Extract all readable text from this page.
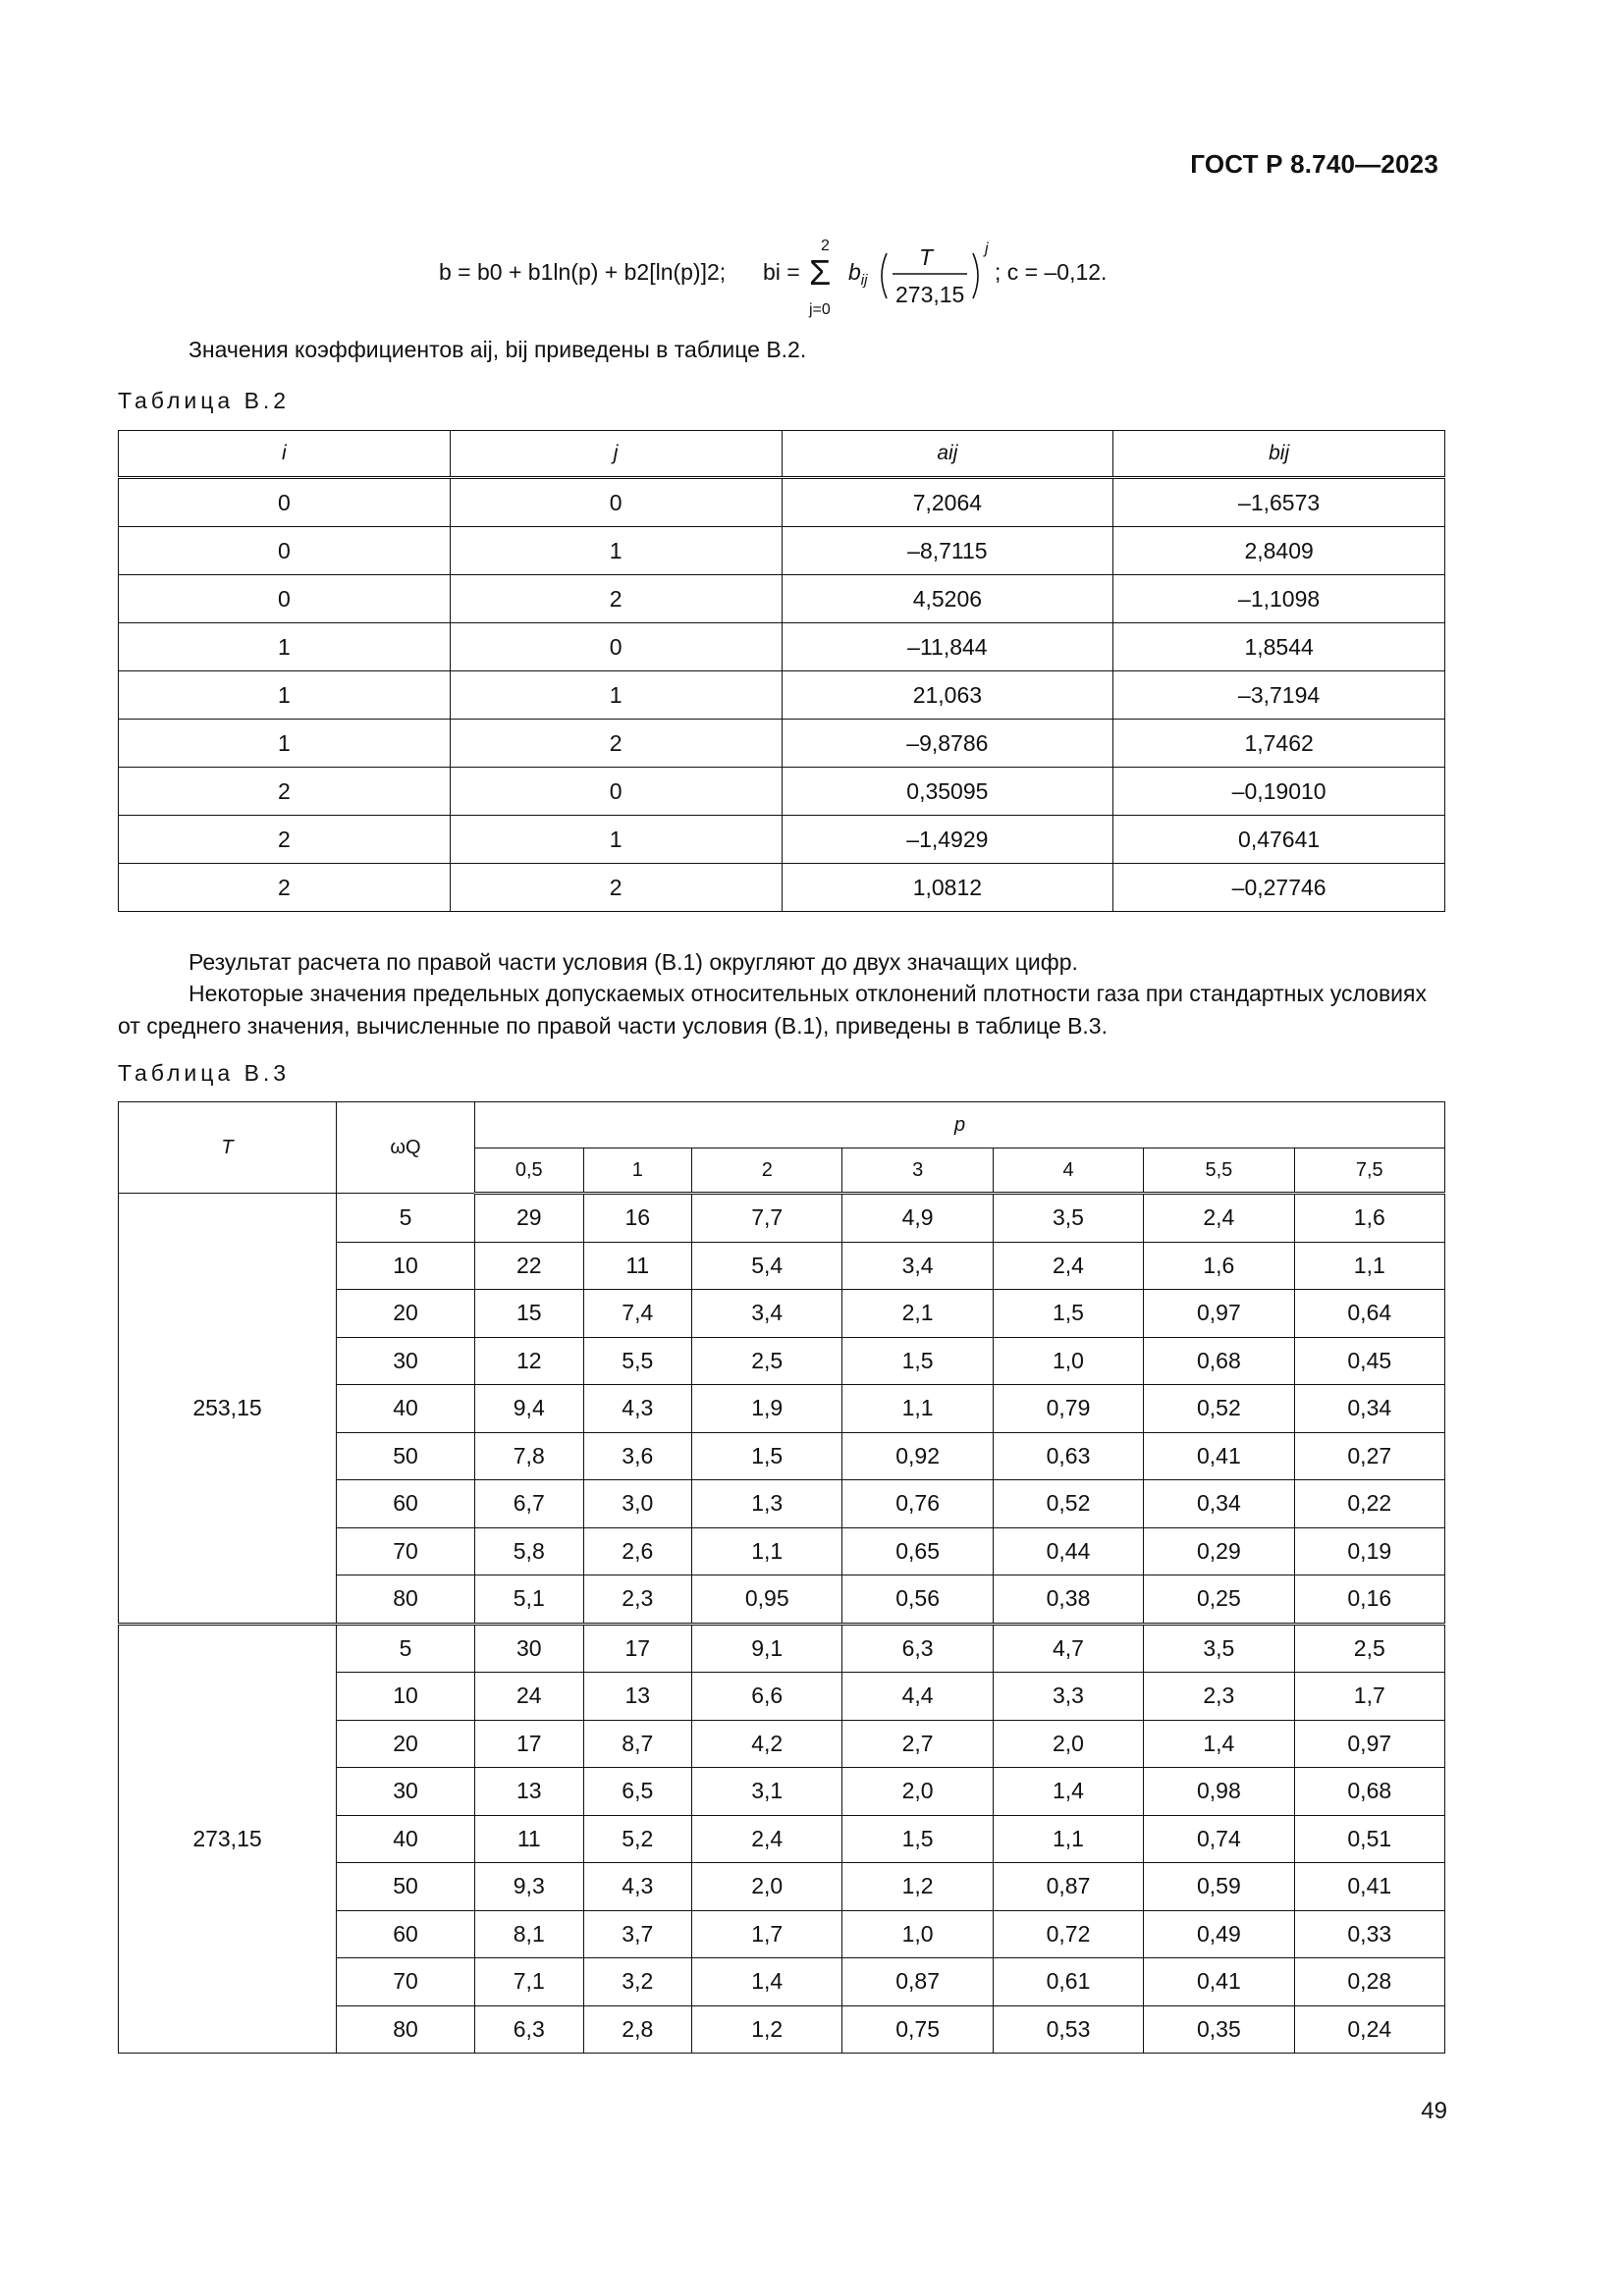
ГОСТ Р 8.740—2023
b = b0 + b1ln(p) + b2[ln(p)]2; bi =
2
Σ
j=0
$b_{ij}$
T
273,15
j
; c = –0,12.
Значения коэффициентов aij, bij приведены в таблице В.2.
Таблица В.2
i	j	aij	bij
0	0	7,2064	–1,6573
0	1	–8,7115	2,8409
0	2	4,5206	–1,1098
1	0	–11,844	1,8544
1	1	21,063	–3,7194
1	2	–9,8786	1,7462
2	0	0,35095	–0,19010
2	1	–1,4929	0,47641
2	2	1,0812	–0,27746
Результат расчета по правой части условия (В.1) округляют до двух значащих цифр.
Некоторые значения предельных допускаемых относительных отклонений плотности газа при стандартных условиях от среднего значения, вычисленные по правой части условия (В.1), приведены в таблице В.3.
Таблица В.3
T	ωQ	p						
		0,5	1	2	3	4	5,5	7,5
253,15	5	29	16	7,7	4,9	3,5	2,4	1,6
	10	22	11	5,4	3,4	2,4	1,6	1,1
	20	15	7,4	3,4	2,1	1,5	0,97	0,64
	30	12	5,5	2,5	1,5	1,0	0,68	0,45
	40	9,4	4,3	1,9	1,1	0,79	0,52	0,34
	50	7,8	3,6	1,5	0,92	0,63	0,41	0,27
	60	6,7	3,0	1,3	0,76	0,52	0,34	0,22
	70	5,8	2,6	1,1	0,65	0,44	0,29	0,19
	80	5,1	2,3	0,95	0,56	0,38	0,25	0,16
273,15	5	30	17	9,1	6,3	4,7	3,5	2,5
	10	24	13	6,6	4,4	3,3	2,3	1,7
	20	17	8,7	4,2	2,7	2,0	1,4	0,97
	30	13	6,5	3,1	2,0	1,4	0,98	0,68
	40	11	5,2	2,4	1,5	1,1	0,74	0,51
	50	9,3	4,3	2,0	1,2	0,87	0,59	0,41
	60	8,1	3,7	1,7	1,0	0,72	0,49	0,33
	70	7,1	3,2	1,4	0,87	0,61	0,41	0,28
	80	6,3	2,8	1,2	0,75	0,53	0,35	0,24
49
